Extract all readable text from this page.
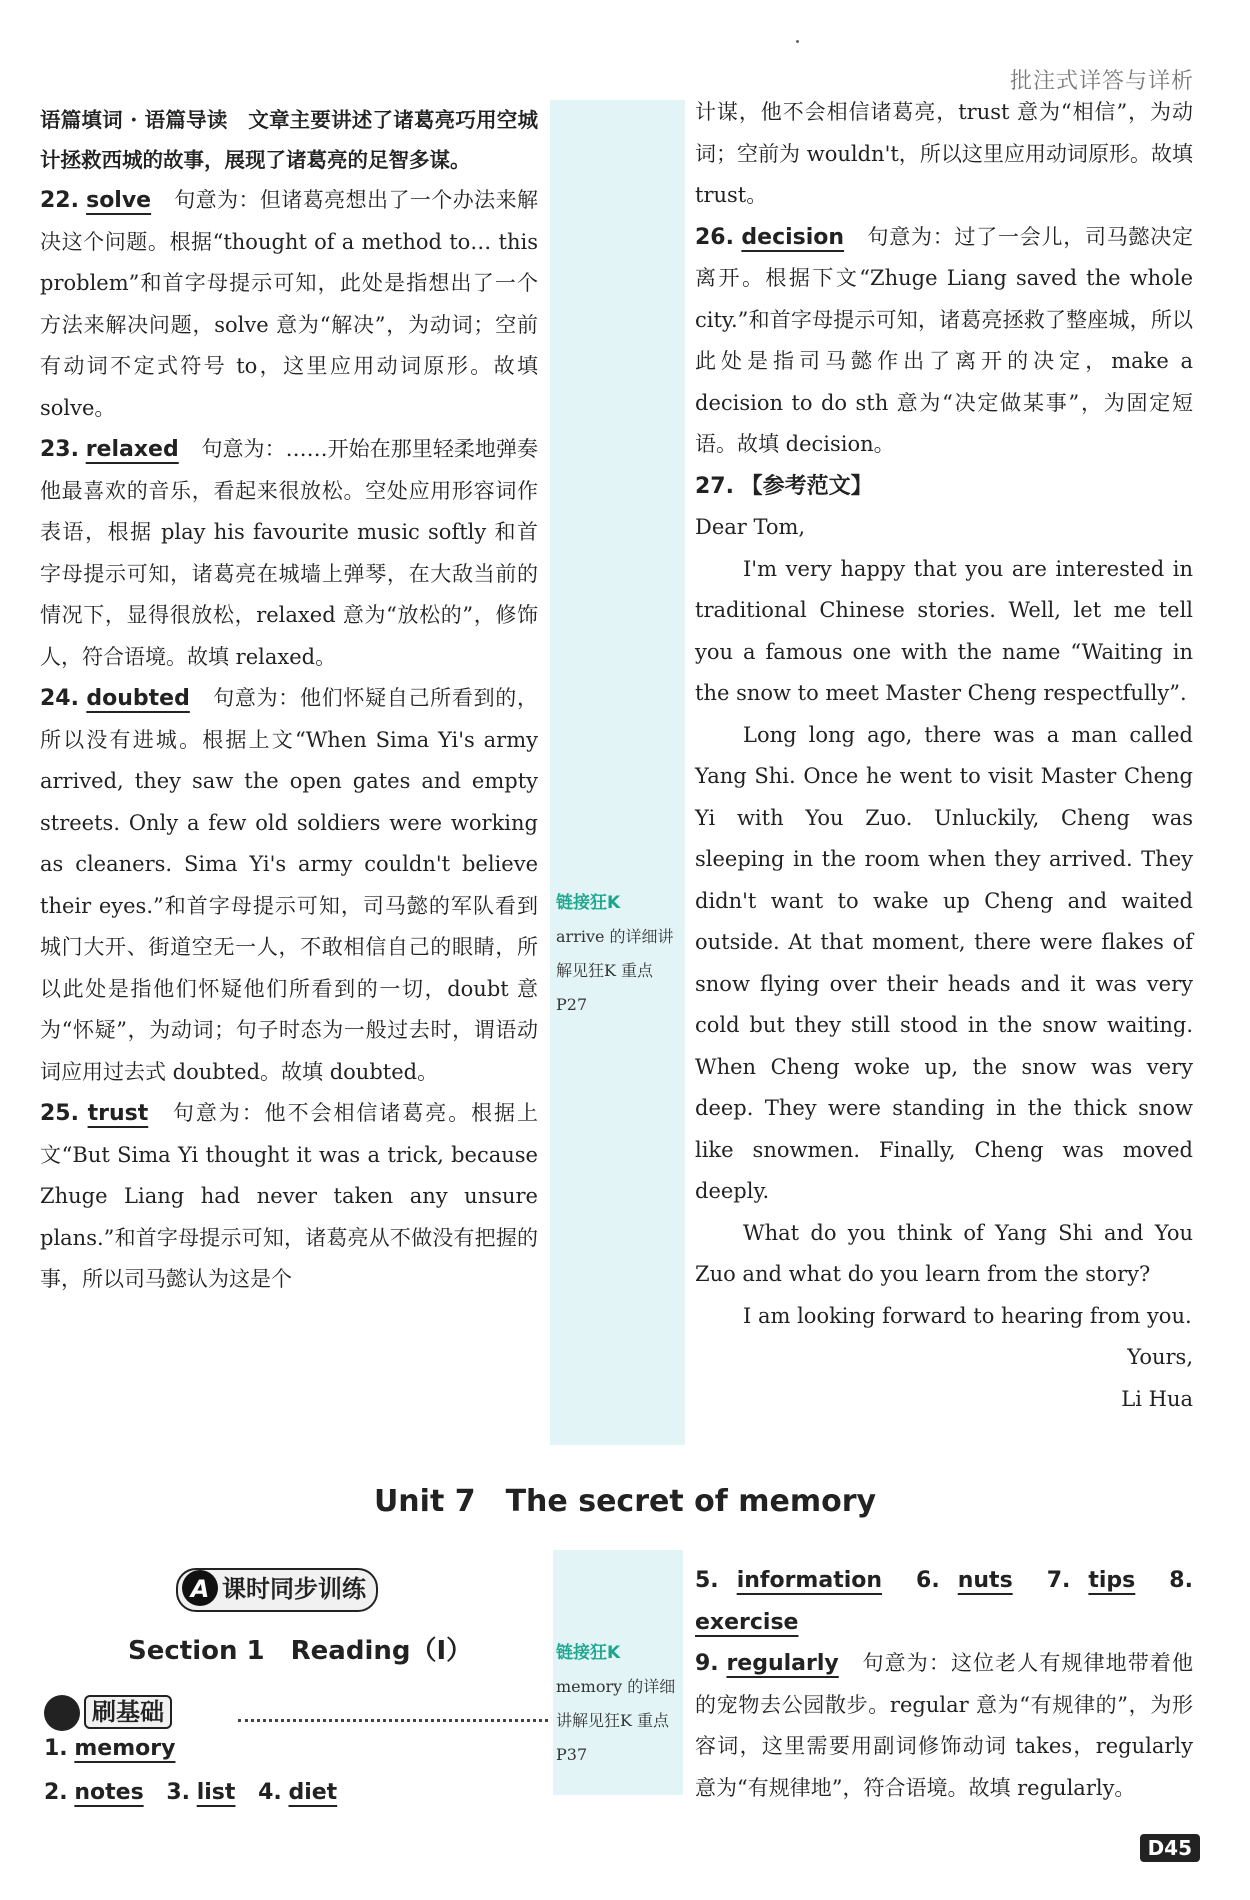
批注式详答与详析

语篇填词 · 语篇导读　 文章主要讲述了诸葛亮巧用空城计拯救西城的故事，展现了诸葛亮的足智多谋。

22. solve 句意为：但诸葛亮想出了一个办法来解决这个问题。根据“thought of a method to… this problem”和首字母提示可知，此处是指想出了一个方法来解决问题，solve 意为“解决”，为动词；空前有动词不定式符号 to，这里应用动词原形。故填 solve。

23. relaxed 句意为：……开始在那里轻柔地弹奏他最喜欢的音乐，看起来很放松。空处应用形容词作表语，根据 play his favourite music softly 和首字母提示可知，诸葛亮在城墙上弹琴，在大敌当前的情况下，显得很放松，relaxed 意为“放松的”，修饰人，符合语境。故填 relaxed。

24. doubted 句意为：他们怀疑自己所看到的，所以没有进城。根据上文“When Sima Yi's army arrived, they saw the open gates and empty streets. Only a few old soldiers were working as cleaners. Sima Yi's army couldn't believe their eyes.”和首字母提示可知，司马懿的军队看到城门大开、街道空无一人，不敢相信自己的眼睛，所以此处是指他们怀疑他们所看到的一切，doubt 意为“怀疑”，为动词；句子时态为一般过去时，谓语动词应用过去式 doubted。故填 doubted。

25. trust 句意为：他不会相信诸葛亮。根据上文“But Sima Yi thought it was a trick, because Zhuge Liang had never taken any unsure plans.”和首字母提示可知，诸葛亮从不做没有把握的事，所以司马懿认为这是个

链接狂K
arrive 的详细讲解见狂K 重点P27
链接狂K
memory 的详细讲解见狂K 重点P37

计谋，他不会相信诸葛亮，trust 意为“相信”，为动词；空前为 wouldn't，所以这里应用动词原形。故填 trust。

26. decision 句意为：过了一会儿，司马懿决定离开。根据下文“Zhuge Liang saved the whole city.”和首字母提示可知，诸葛亮拯救了整座城，所以此处是指司马懿作出了离开的决定，make a decision to do sth 意为“决定做某事”，为固定短语。故填 decision。

27. 【参考范文】

Dear Tom,

I'm very happy that you are interested in traditional Chinese stories. Well, let me tell you a famous one with the name “Waiting in the snow to meet Master Cheng respectfully”.

Long long ago, there was a man called Yang Shi. Once he went to visit Master Cheng Yi with You Zuo. Unluckily, Cheng was sleeping in the room when they arrived. They didn't want to wake up Cheng and waited outside. At that moment, there were flakes of snow flying over their heads and it was very cold but they still stood in the snow waiting. When Cheng woke up, the snow was very deep. They were standing in the thick snow like snowmen. Finally, Cheng was moved deeply.

What do you think of Yang Shi and You Zuo and what do you learn from the story?

I am looking forward to hearing from you.

Yours,

Li Hua

Unit 7　The secret of memory
A 课时同步训练
Section 1　Reading（Ⅰ）
刷基础
1. memory
2. notes 3. list 4. diet

5. information 6. nuts 7. tips 8. exercise

9. regularly 句意为：这位老人有规律地带着他的宠物去公园散步。regular 意为“有规律的”，为形容词，这里需要用副词修饰动词 takes，regularly 意为“有规律地”，符合语境。故填 regularly。

D45
